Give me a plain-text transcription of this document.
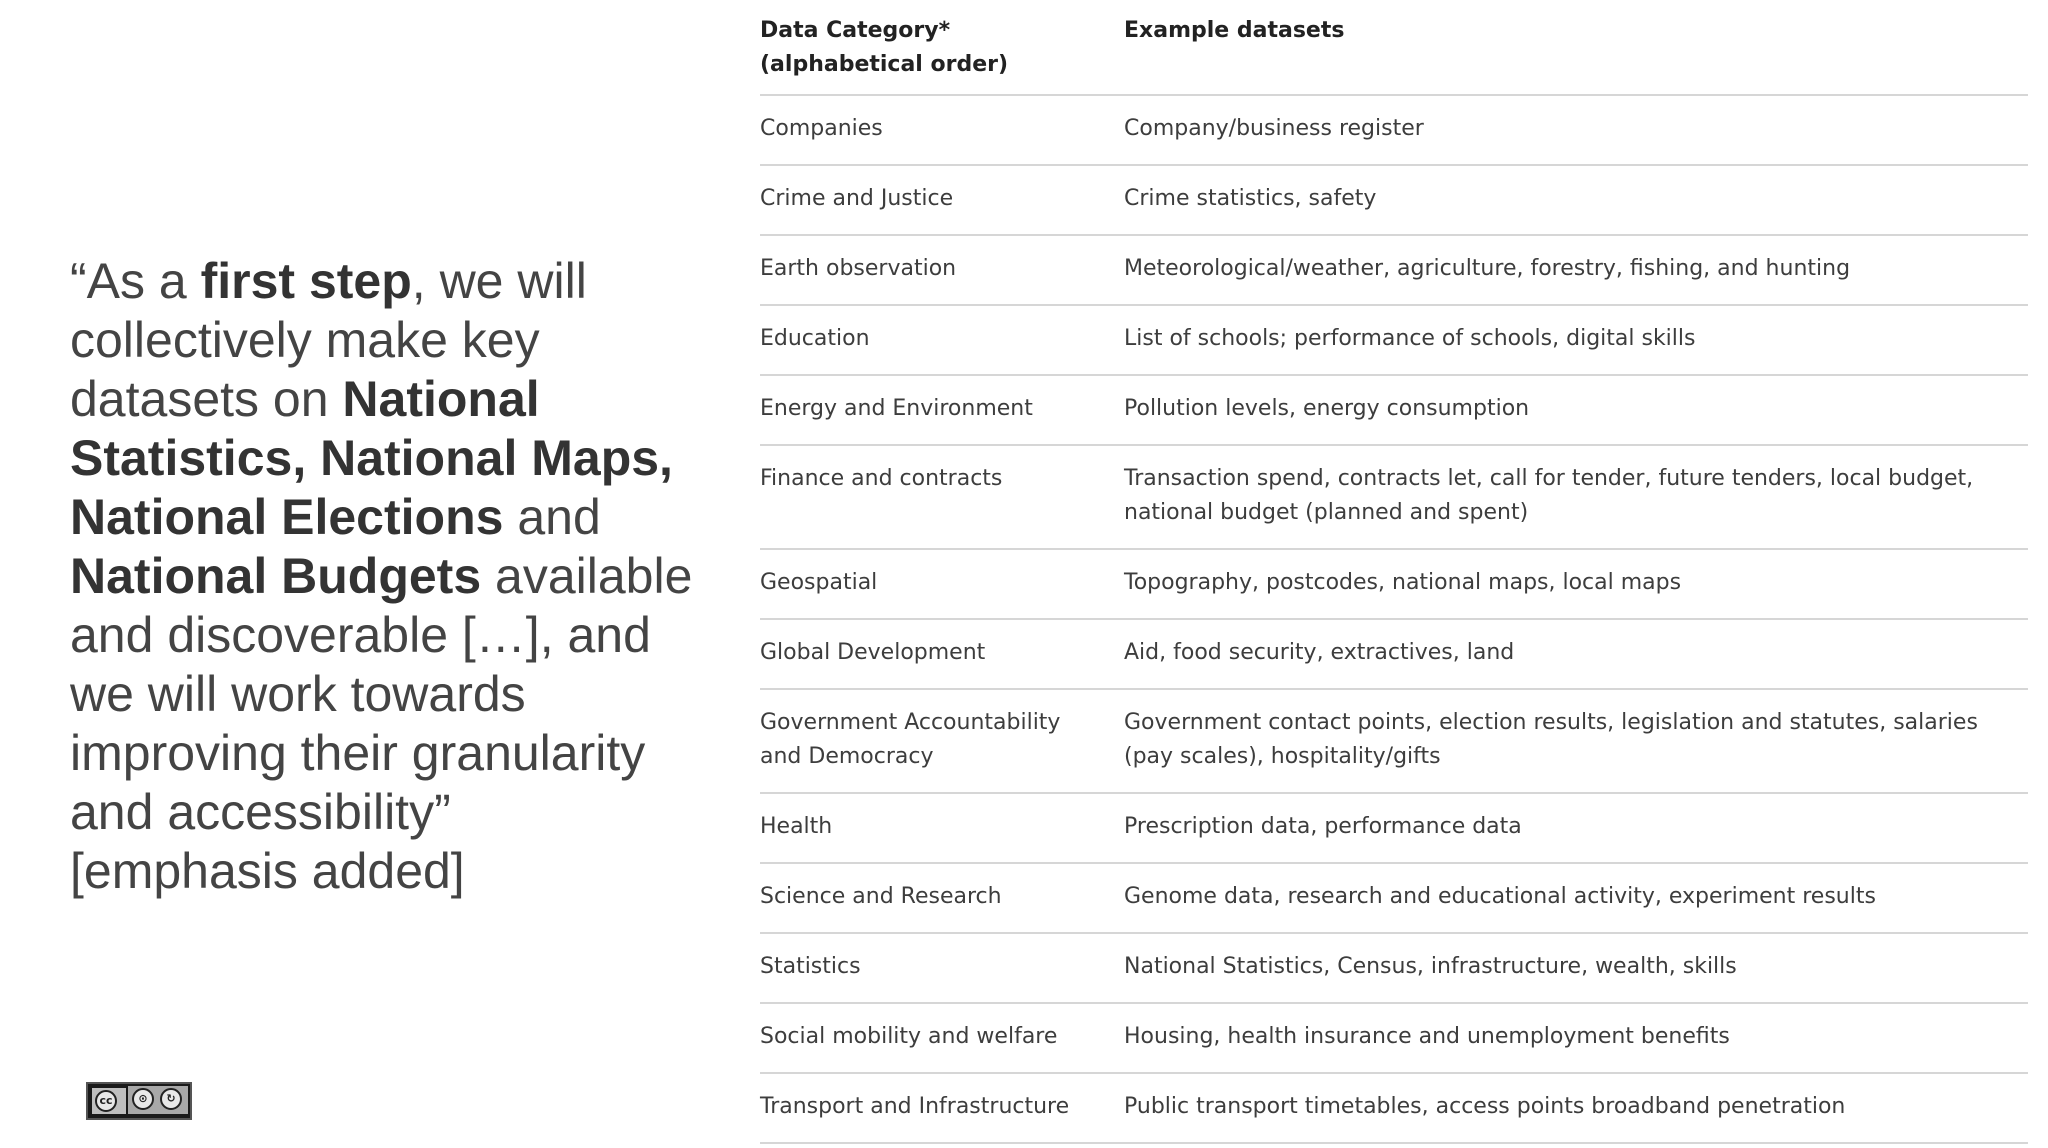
“As a first step, we will collectively make key datasets on National Statistics, National Maps, National Elections and National Budgets available and discoverable […], and we will work towards improving their granularity and accessibility”
[emphasis added]

cc	⊙	↻
Data Category* (alphabetical order)	Example datasets
Companies	Company/business register
Crime and Justice	Crime statistics, safety
Earth observation	Meteorological/weather, agriculture, forestry, fishing, and hunting
Education	List of schools; performance of schools, digital skills
Energy and Environment	Pollution levels, energy consumption
Finance and contracts	Transaction spend, contracts let, call for tender, future tenders, local budget, national budget (planned and spent)
Geospatial	Topography, postcodes, national maps, local maps
Global Development	Aid, food security, extractives, land
Government Accountability and Democracy	Government contact points, election results, legislation and statutes, salaries (pay scales), hospitality/gifts
Health	Prescription data, performance data
Science and Research	Genome data, research and educational activity, experiment results
Statistics	National Statistics, Census, infrastructure, wealth, skills
Social mobility and welfare	Housing, health insurance and unemployment benefits
Transport and Infrastructure	Public transport timetables, access points broadband penetration
